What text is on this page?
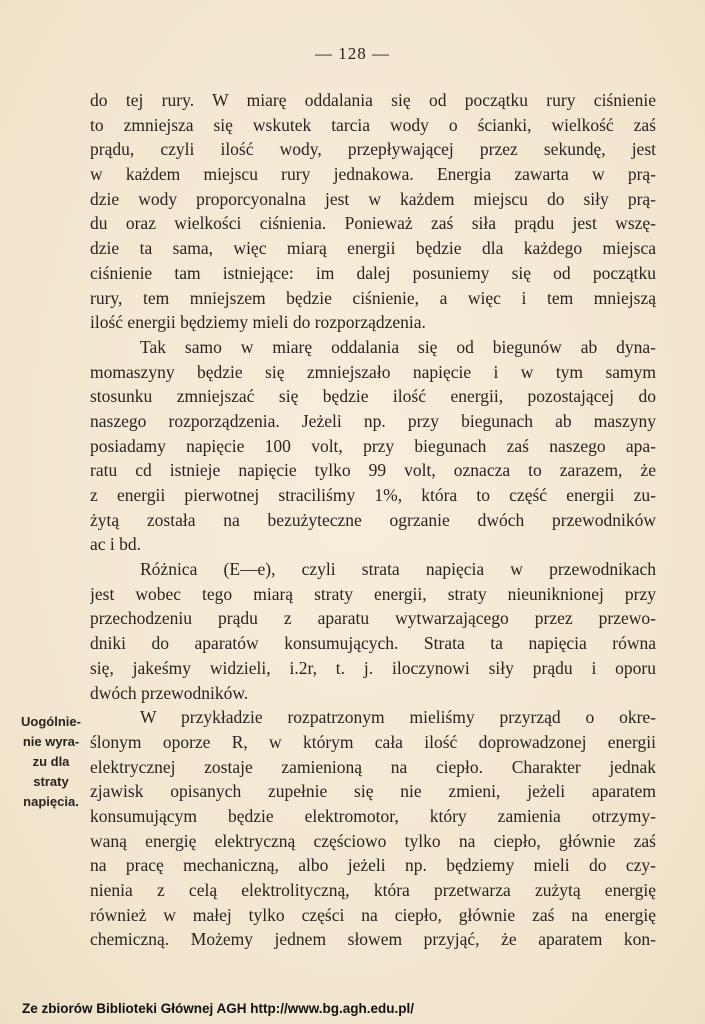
— 128 —
do tej rury. W miarę oddalania się od początku rury ciśnienie
to zmniejsza się wskutek tarcia wody o ścianki, wielkość zaś
prądu, czyli ilość wody, przepływającej przez sekundę, jest
w każdem miejscu rury jednakowa. Energia zawarta w prą-
dzie wody proporcyonalna jest w każdem miejscu do siły prą-
du oraz wielkości ciśnienia. Ponieważ zaś siła prądu jest wszę-
dzie ta sama, więc miarą energii będzie dla każdego miejsca
ciśnienie tam istniejące: im dalej posuniemy się od początku
rury, tem mniejszem będzie ciśnienie, a więc i tem mniejszą
ilość energii będziemy mieli do rozporządzenia.
Tak samo w miarę oddalania się od biegunów ab dyna-
momaszyny będzie się zmniejszało napięcie i w tym samym
stosunku zmniejszać się będzie ilość energii, pozostającej do
naszego rozporządzenia. Jeżeli np. przy biegunach ab maszyny
posiadamy napięcie 100 volt, przy biegunach zaś naszego apa-
ratu cd istnieje napięcie tylko 99 volt, oznacza to zarazem, że
z energii pierwotnej straciliśmy 1%, która to część energii zu-
żytą została na bezużyteczne ogrzanie dwóch przewodników
ac i bd.
Różnica (E—e), czyli strata napięcia w przewodnikach
jest wobec tego miarą straty energii, straty nieuniknionej przy
przechodzeniu prądu z aparatu wytwarzającego przez przewo-
dniki do aparatów konsumujących. Strata ta napięcia równa
się, jakeśmy widzieli, i.2r, t. j. iloczynowi siły prądu i oporu
dwóch przewodników.
W przykładzie rozpatrzonym mieliśmy przyrząd o okre-
ślonym oporze R, w którym cała ilość doprowadzonej energii
elektrycznej zostaje zamienioną na ciepło. Charakter jednak
zjawisk opisanych zupełnie się nie zmieni, jeżeli aparatem
konsumującym będzie elektromotor, który zamienia otrzymy-
waną energię elektryczną częściowo tylko na ciepło, głównie zaś
na pracę mechaniczną, albo jeżeli np. będziemy mieli do czy-
nienia z celą elektrolityczną, która przetwarza zużytą energię
również w małej tylko części na ciepło, głównie zaś na energię
chemiczną. Możemy jednem słowem przyjąć, że aparatem kon-
Uogólnie-
nie wyra-
zu dla
straty
napięcia.
Ze zbiorów Biblioteki Głównej AGH http://www.bg.agh.edu.pl/
